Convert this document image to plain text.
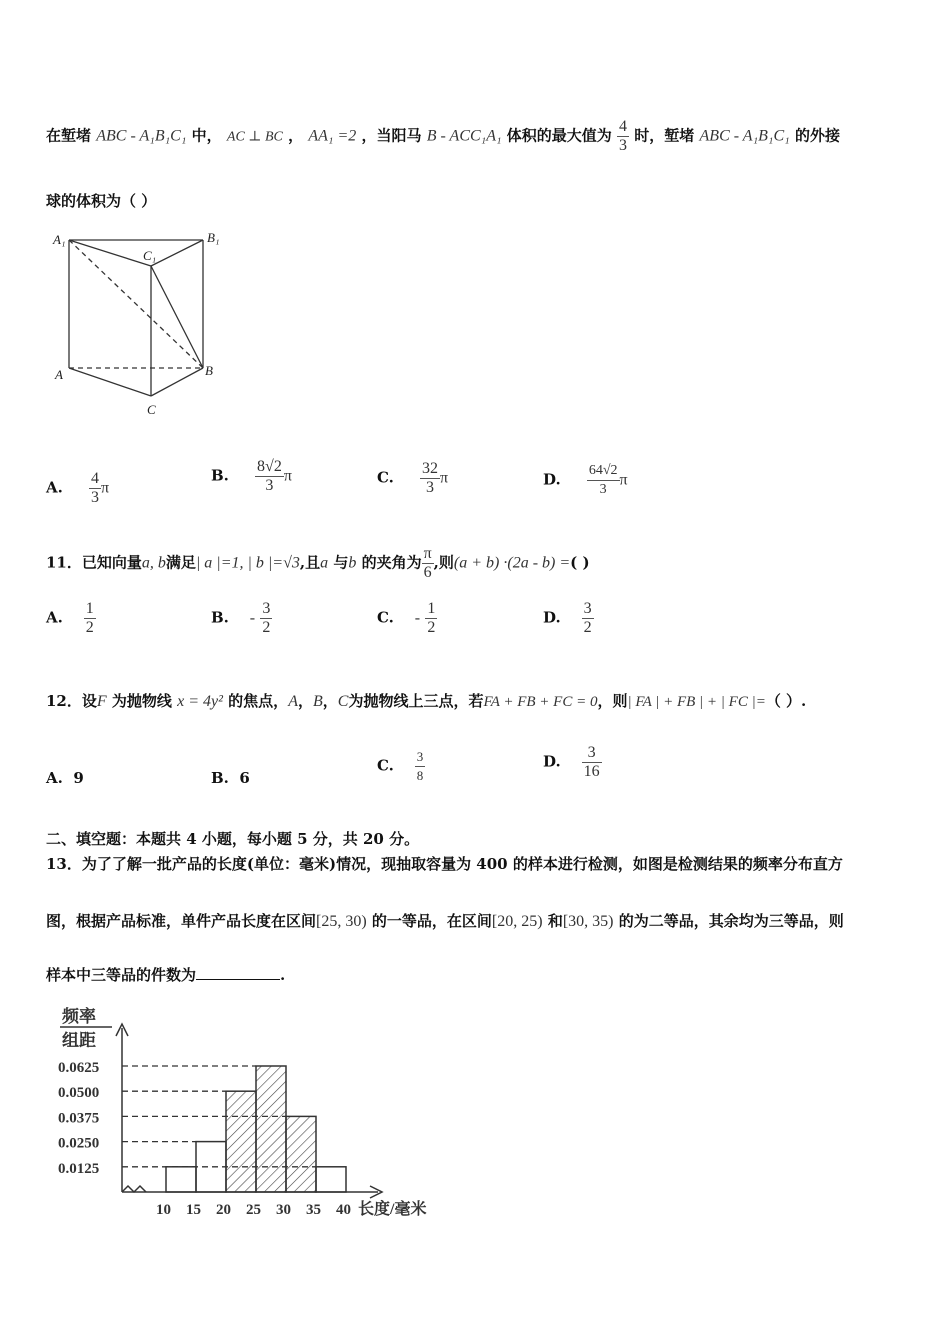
在堑堵 ABC - A₁B₁C₁ 中， AC ⊥ BC ， AA₁ =2 ，当阳马 B - ACC₁A₁ 体积的最大值为 $\frac{4}{3}$ 时，堑堵 ABC - A₁B₁C₁ 的外接
球的体积为（ ）
A₁	B₁
C₁
A	B
C
A. $\frac{4}{3}$ π
B. $\frac{8√2}{3}$ π	C. $\frac{32}{3}$ π	D. $\frac{64√2}{3}$ π
11．已知向量a, b满足| a |=1, | b |=√3,且a 与b 的夹角为 $\frac{\pi}{6}$ ,则(a + b) ·(2a - b) =( )
A. $\frac{1}{2}$	B. - $\frac{3}{2}$	C. - $\frac{1}{2}$	D. $\frac{3}{2}$
12．设F 为抛物线 x = 4y² 的焦点，A，B，C为抛物线上三点，若FA + FB + FC = 0，则| FA | + FB | + | FC |=（ ）.
A. 9	B. 6
C. $\frac{3}{8}$	D. $\frac{3}{16}$
二、填空题：本题共 4 小题，每小题 5 分，共 20 分。
13．为了了解一批产品的长度(单位：毫米)情况，现抽取容量为 400 的样本进行检测，如图是检测结果的频率分布直方
图，根据产品标准，单件产品长度在区间[25, 30) 的一等品，在区间[20, 25) 和[30, 35) 的为二等品，其余均为三等品，则
样本中三等品的件数为	.
频率
组距
0.0625
0.0500
0.0375
0.0250
0.0125
10 15 20 25 30 35 40 长度/毫米
